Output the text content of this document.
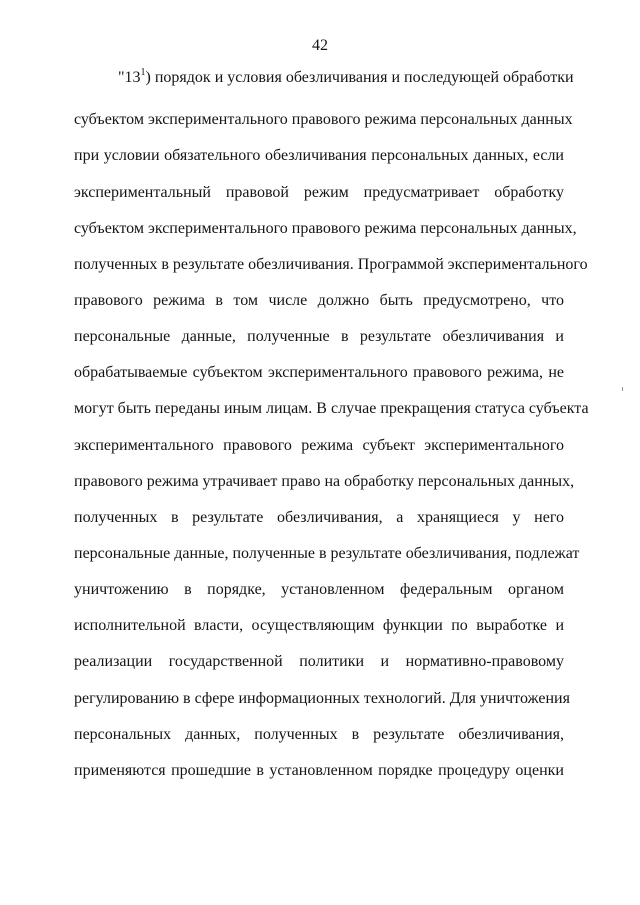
42
"$13^1$) порядок и условия обезличивания и последующей обработки
субъектом экспериментального правового режима персональных данных
при условии обязательного обезличивания персональных данных, если
экспериментальный правовой режим предусматривает обработку
субъектом экспериментального правового режима персональных данных,
полученных в результате обезличивания. Программой экспериментального
правового режима в том числе должно быть предусмотрено, что
персональные данные, полученные в результате обезличивания и
обрабатываемые субъектом экспериментального правового режима, не
могут быть переданы иным лицам. В случае прекращения статуса субъекта
экспериментального правового режима субъект экспериментального
правового режима утрачивает право на обработку персональных данных,
полученных в результате обезличивания, а хранящиеся у него
персональные данные, полученные в результате обезличивания, подлежат
уничтожению в порядке, установленном федеральным органом
исполнительной власти, осуществляющим функции по выработке и
реализации государственной политики и нормативно-правовому
регулированию в сфере информационных технологий. Для уничтожения
персональных данных, полученных в результате обезличивания,
применяются прошедшие в установленном порядке процедуру оценки
